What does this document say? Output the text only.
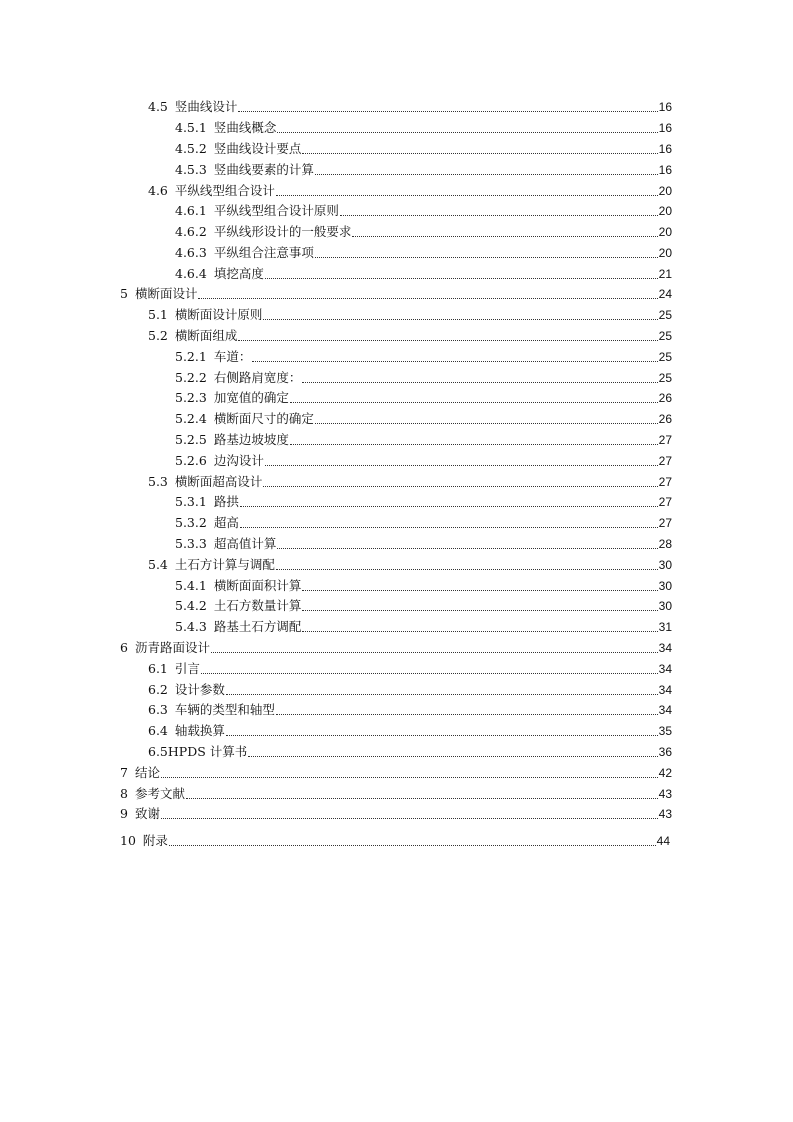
4.5 竖曲线设计	16
4.5.1 竖曲线概念	16
4.5.2 竖曲线设计要点	16
4.5.3 竖曲线要素的计算	16
4.6 平纵线型组合设计	20
4.6.1 平纵线型组合设计原则	20
4.6.2 平纵线形设计的一般要求	20
4.6.3 平纵组合注意事项	20
4.6.4 填挖高度	21
5 横断面设计	24
5.1 横断面设计原则	25
5.2 横断面组成	25
5.2.1 车道：	25
5.2.2 右侧路肩宽度：	25
5.2.3 加宽值的确定	26
5.2.4 横断面尺寸的确定	26
5.2.5 路基边坡坡度	27
5.2.6 边沟设计	27
5.3 横断面超高设计	27
5.3.1 路拱	27
5.3.2 超高	27
5.3.3 超高值计算	28
5.4 土石方计算与调配	30
5.4.1 横断面面积计算	30
5.4.2 土石方数量计算	30
5.4.3 路基土石方调配	31
6 沥青路面设计	34
6.1 引言	34
6.2 设计参数	34
6.3 车辆的类型和轴型	34
6.4 轴载换算	35
6.5 HPDS 计算书	36
7 结论	42
8 参考文献	43
9 致谢	43
10 附录	44
